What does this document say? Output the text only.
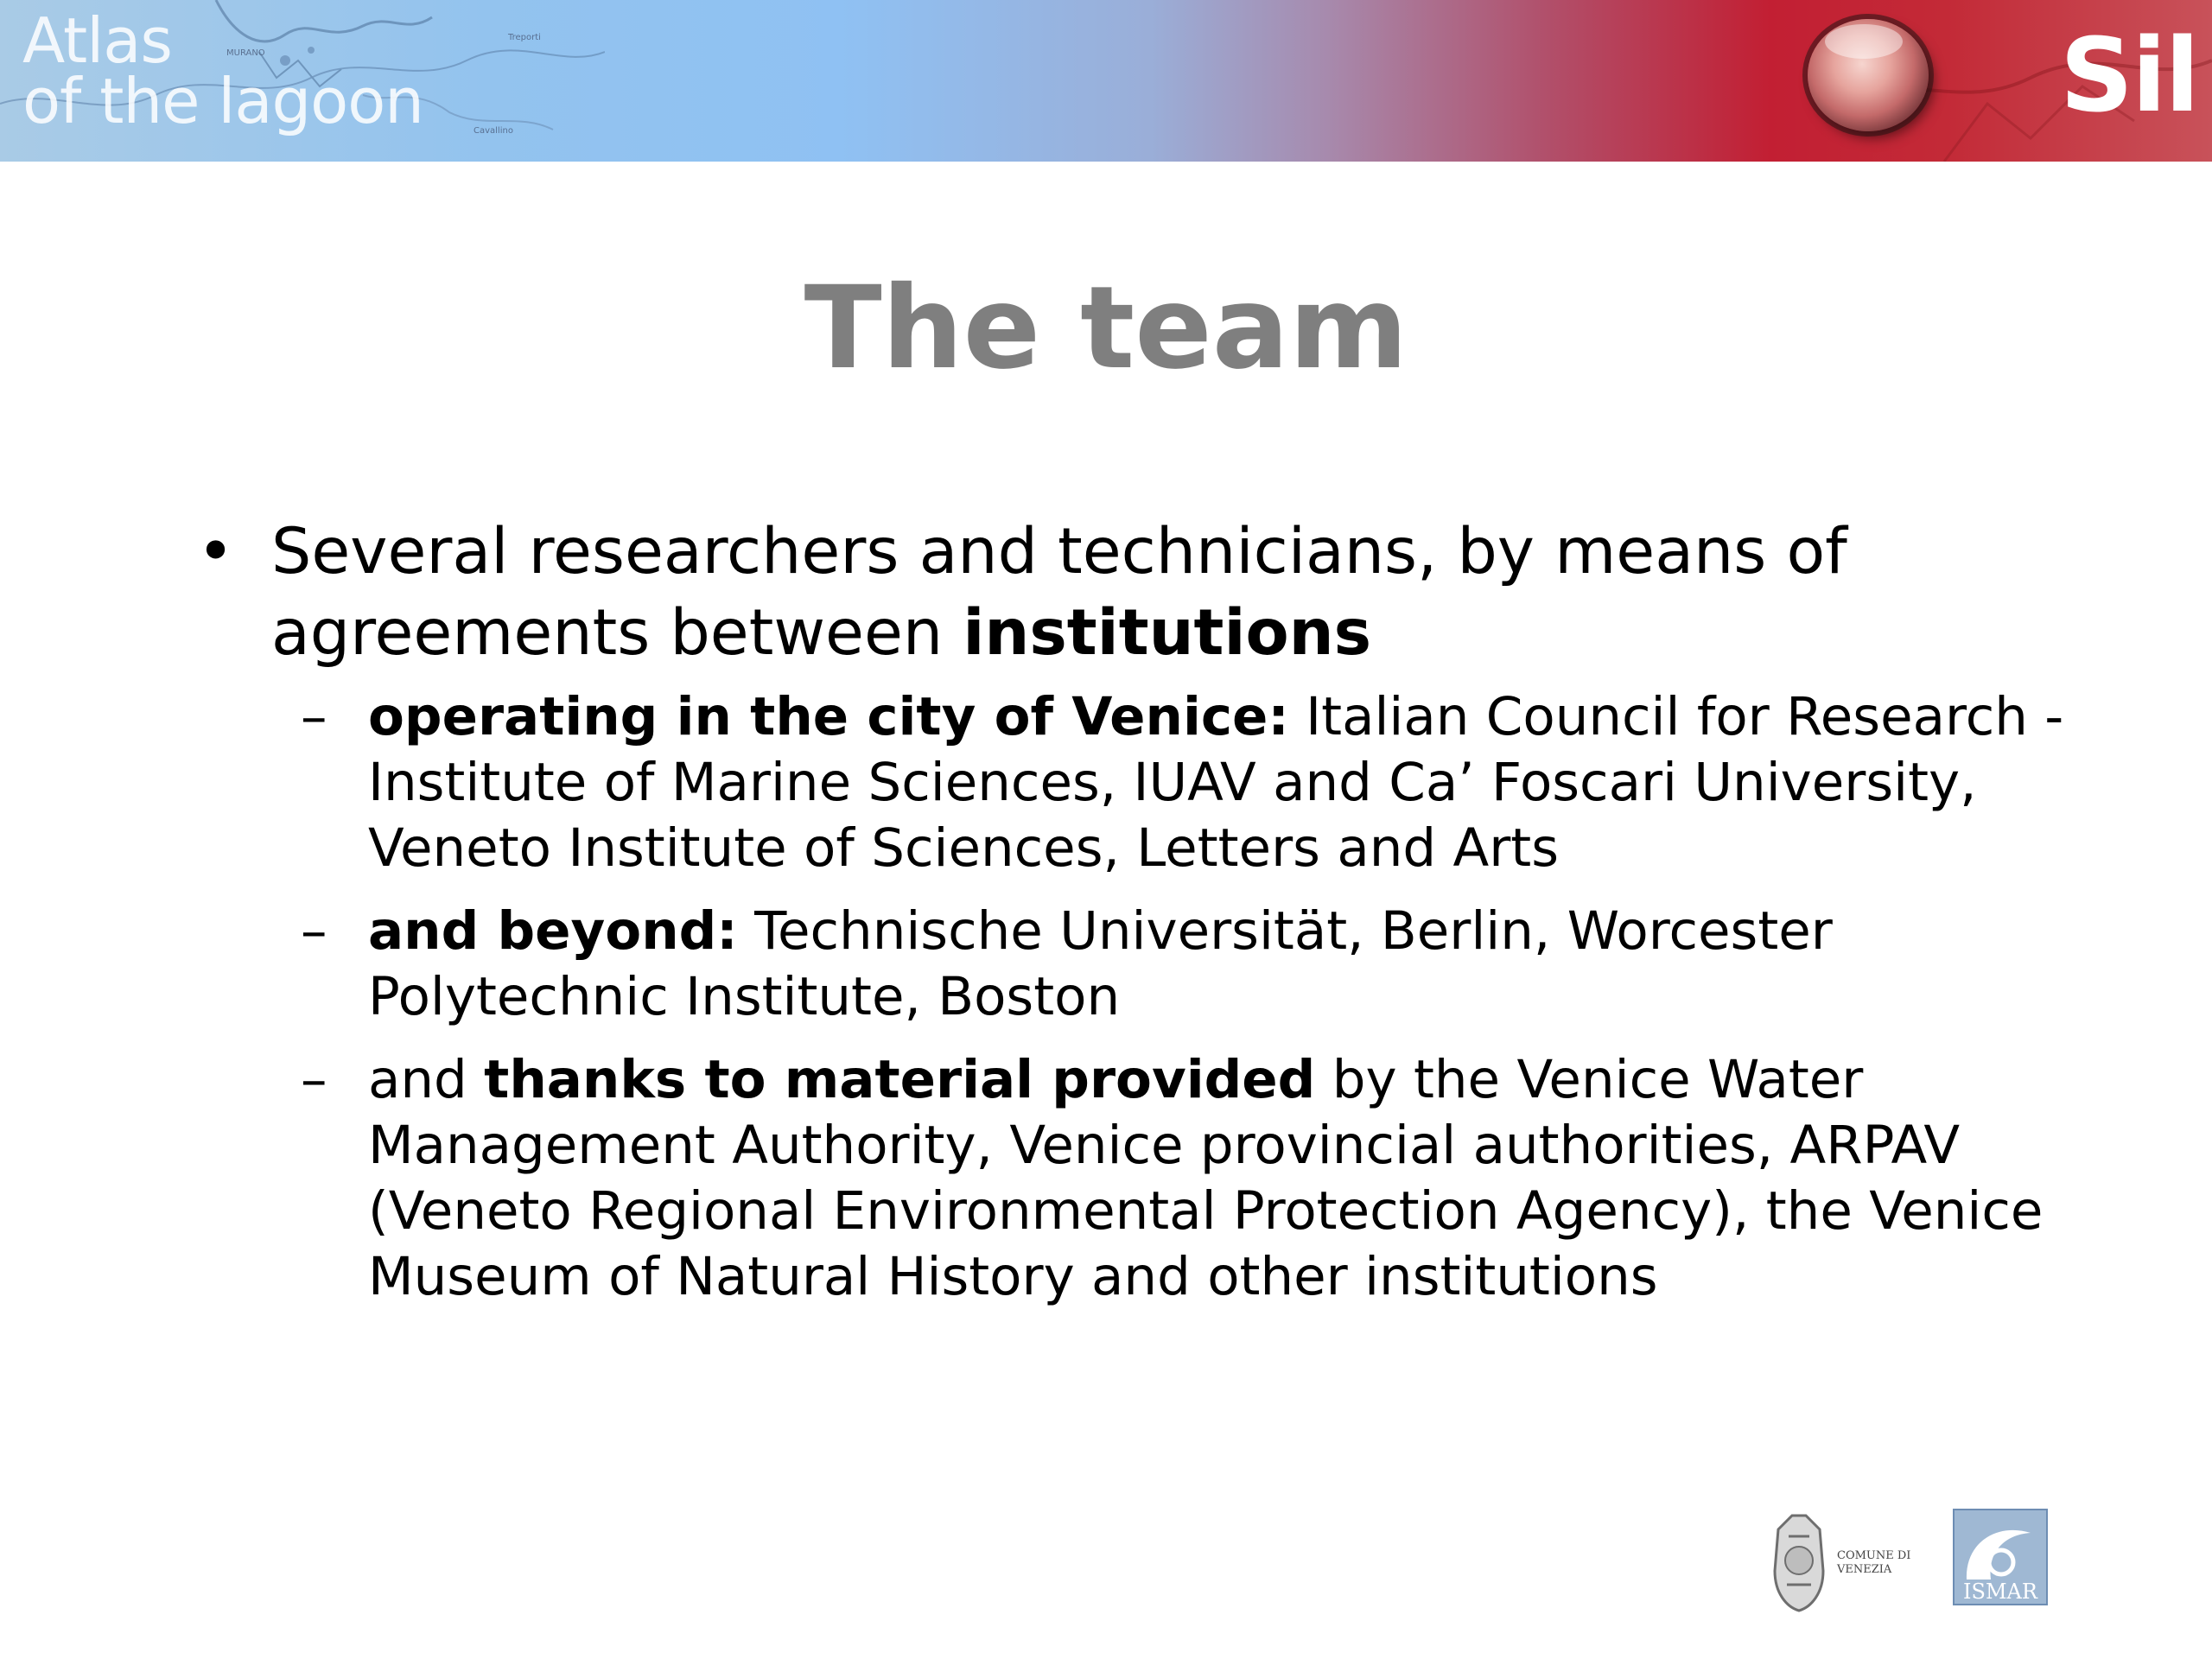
MURANO
Treporti
Cavallino
Atlas
of the lagoon	Sil
The team

• Several researchers and technicians, by means of agreements between institutions

– operating in the city of Venice: Italian Council for Research - Institute of Marine Sciences, IUAV and Ca’ Foscari University, Veneto Institute of Sciences, Letters and Arts

– and beyond: Technische Universität, Berlin, Worcester Polytechnic Institute, Boston

– and thanks to material provided by the Venice Water Management Authority, Venice provincial authorities, ARPAV (Veneto Regional Environmental Protection Agency), the Venice Museum of Natural History and other institutions

COMUNE DI
VENEZIA
ISMAR
